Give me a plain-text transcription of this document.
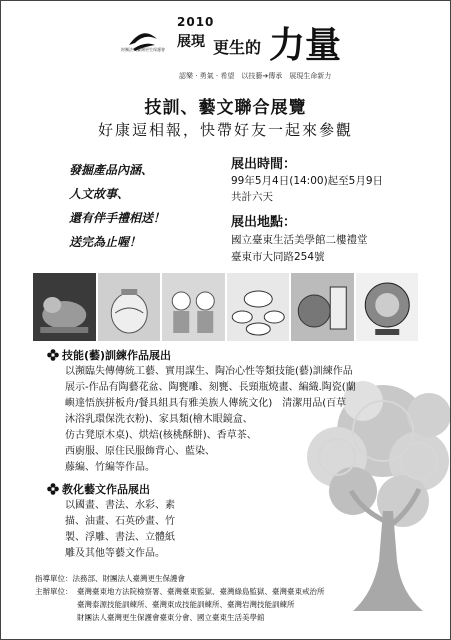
財團法人臺灣更生保護會
2010
展現 更生的 力量
認樂 · 勇氣 · 希望　以技藝➔傳承　展現生命新力
技訓、藝文聯合展覽
好康逗相報，快帶好友一起來參觀
發掘產品內涵、
人文故事、
還有伴手禮相送！
送完為止喔！
展出時間：
99年5月4日(14:00)起至5月9日
共計六天
展出地點：
國立臺東生活美學館二樓禮堂
臺東市大同路254號
技能(藝)訓練作品展出
以瀕臨失傳傳統工藝、實用謀生、陶冶心性等類技能(藝)訓練作品
展示-作品有陶藝花盆、陶甕雕、刻甕、長頸瓶燒畫、編織.陶瓷(蘭
嶼達悟族拼板舟/餐具組具有雅美族人傳統文化)　清潔用品(百草
沐浴乳環保洗衣粉)、家具類(檜木眼鏡盒、
仿古凳原木桌)、烘焙(核桃酥餅)、香草茶、
西廚服、原住民服飾背心、藍染、
藤編、竹編等作品。
教化藝文作品展出
以國畫、書法、水彩、素
描、油畫、石英砂畫、竹
製、浮雕、書法、立體紙
雕及其他等藝文作品。
指導單位：法務部、財團法人臺灣更生保護會
主辦單位： 臺灣臺東地方法院檢察署、臺灣臺東監獄、臺灣綠島監獄、臺灣臺東戒治所
臺灣泰源技能訓練所、臺灣東成技能訓練所、臺灣岩灣技能訓練所
財團法人臺灣更生保護會臺東分會、國立臺東生活美學館
